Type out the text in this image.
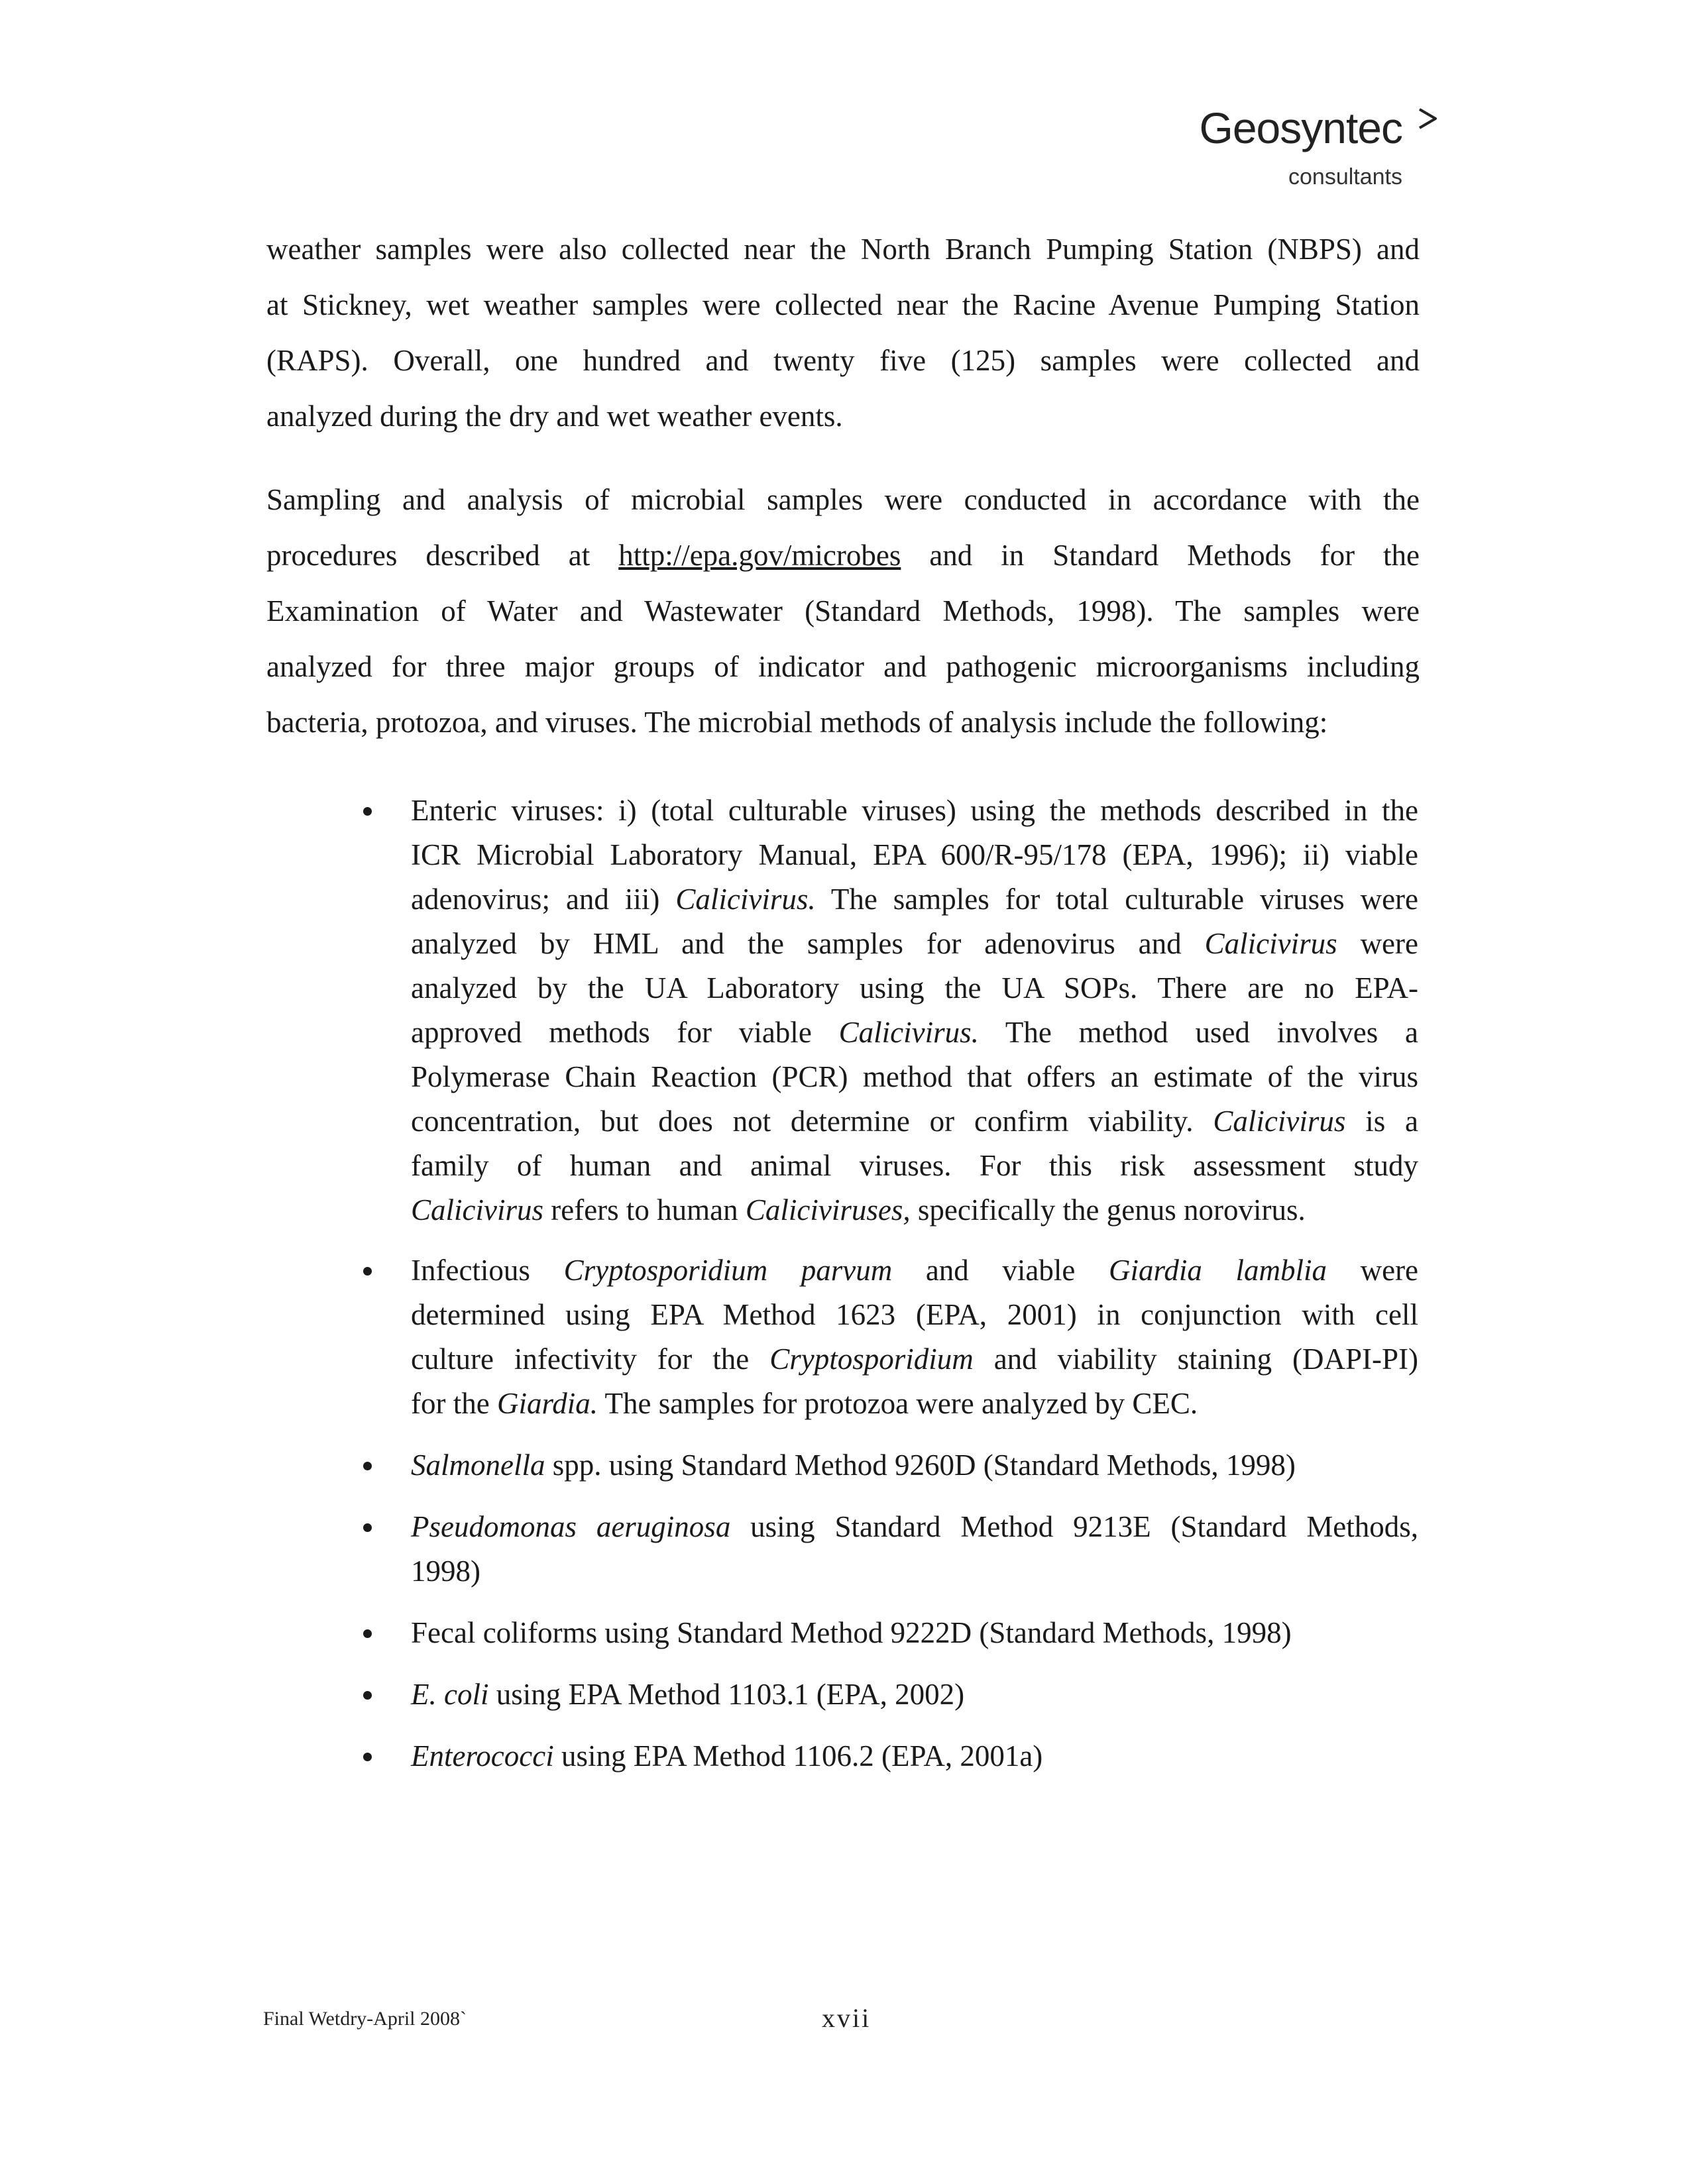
Geosyntec
consultants
weather samples were also collected near the North Branch Pumping Station (NBPS) and
at Stickney, wet weather samples were collected near the Racine Avenue Pumping Station
(RAPS). Overall, one hundred and twenty five (125) samples were collected and
analyzed during the dry and wet weather events.
Sampling and analysis of microbial samples were conducted in accordance with the
procedures described at http://epa.gov/microbes and in Standard Methods for the
Examination of Water and Wastewater (Standard Methods, 1998). The samples were
analyzed for three major groups of indicator and pathogenic microorganisms including
bacteria, protozoa, and viruses. The microbial methods of analysis include the following:
Enteric viruses: i) (total culturable viruses) using the methods described in the
ICR Microbial Laboratory Manual, EPA 600/R-95/178 (EPA, 1996); ii) viable
adenovirus; and iii) Calicivirus. The samples for total culturable viruses were
analyzed by HML and the samples for adenovirus and Calicivirus were
analyzed by the UA Laboratory using the UA SOPs. There are no EPA-
approved methods for viable Calicivirus. The method used involves a
Polymerase Chain Reaction (PCR) method that offers an estimate of the virus
concentration, but does not determine or confirm viability. Calicivirus is a
family of human and animal viruses. For this risk assessment study
Calicivirus refers to human Caliciviruses, specifically the genus norovirus.
Infectious Cryptosporidium parvum and viable Giardia lamblia were
determined using EPA Method 1623 (EPA, 2001) in conjunction with cell
culture infectivity for the Cryptosporidium and viability staining (DAPI-PI)
for the Giardia. The samples for protozoa were analyzed by CEC.
Salmonella spp. using Standard Method 9260D (Standard Methods, 1998)
Pseudomonas aeruginosa using Standard Method 9213E (Standard Methods,
1998)
Fecal coliforms using Standard Method 9222D (Standard Methods, 1998)
E. coli using EPA Method 1103.1 (EPA, 2002)
Enterococci using EPA Method 1106.2 (EPA, 2001a)
Final Wetdry-April 2008`	xvii
